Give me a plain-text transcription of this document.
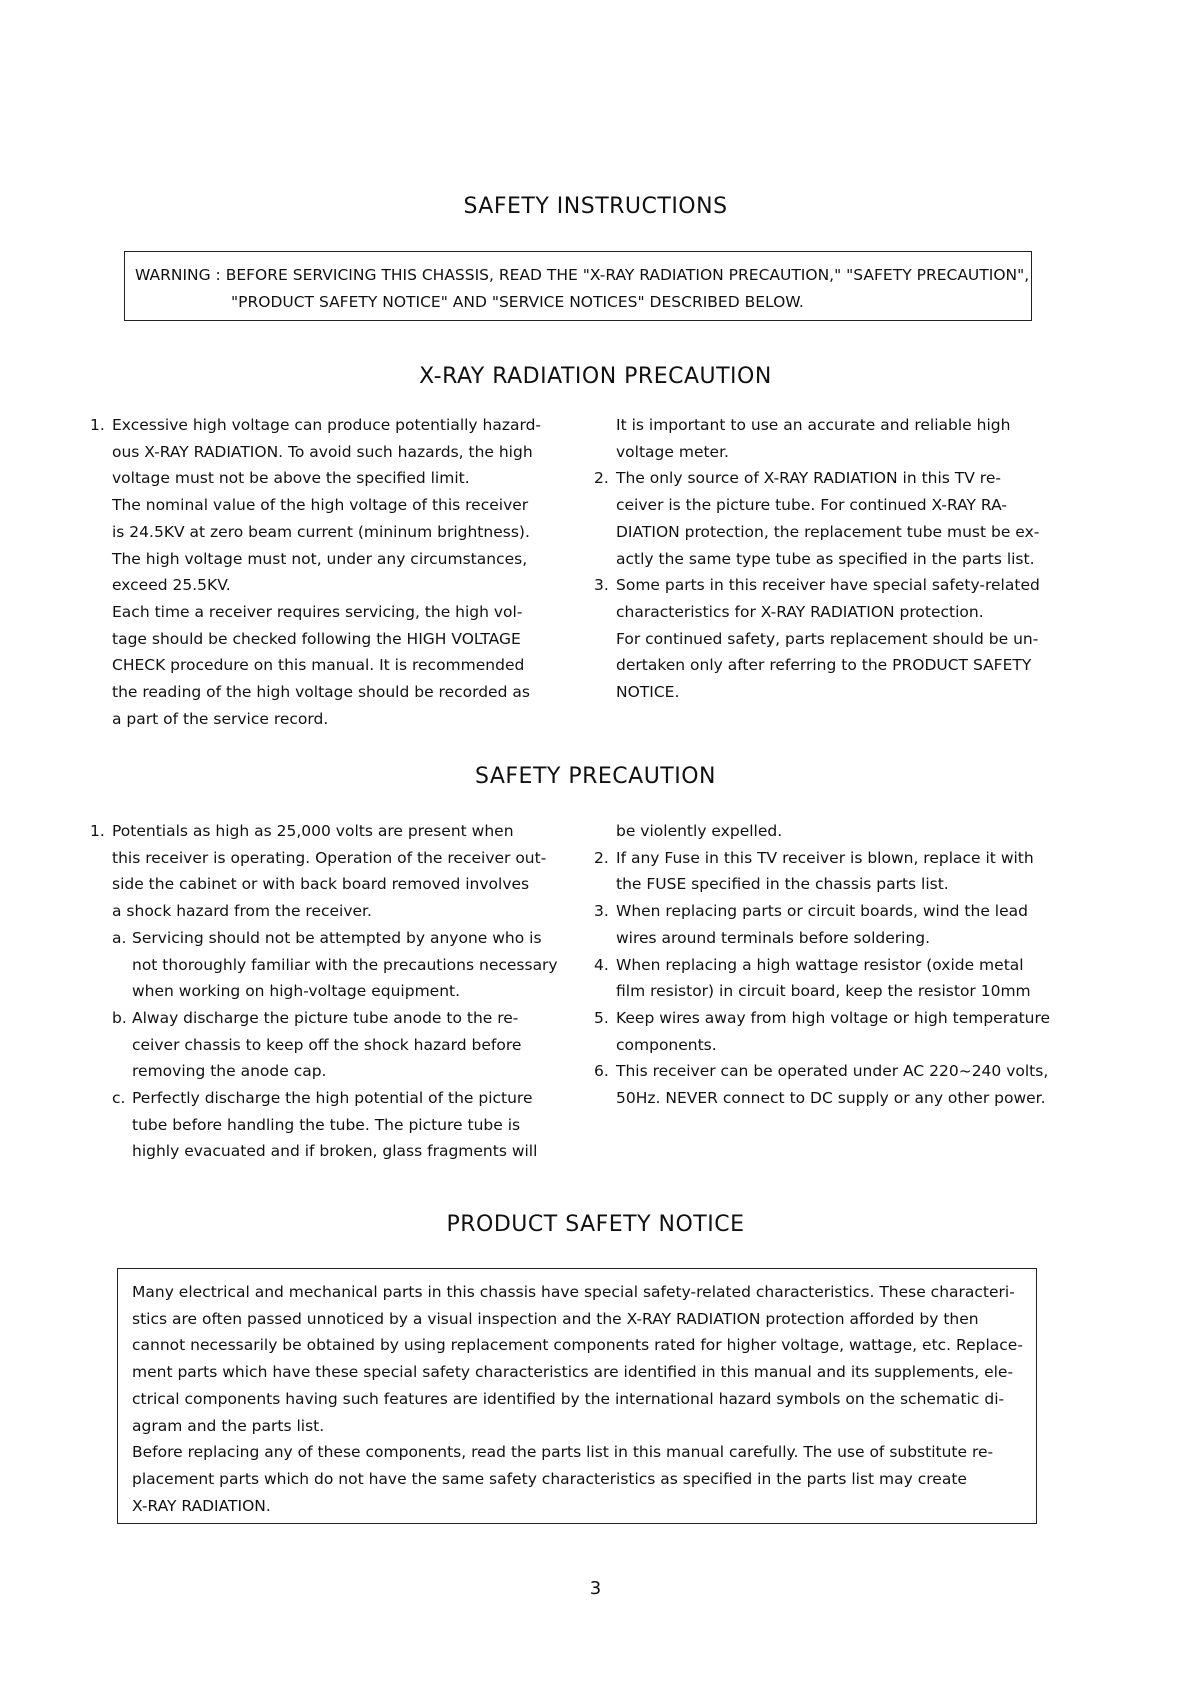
SAFETY INSTRUCTIONS
WARNING : BEFORE SERVICING THIS CHASSIS, READ THE "X-RAY RADIATION PRECAUTION," "SAFETY PRECAUTION",
"PRODUCT SAFETY NOTICE" AND "SERVICE NOTICES" DESCRIBED BELOW.
X-RAY RADIATION PRECAUTION
1. Excessive high voltage can produce potentially hazard-
ous X-RAY RADIATION. To avoid such hazards, the high
voltage must not be above the specified limit.
The nominal value of the high voltage of this receiver
is 24.5KV at zero beam current (mininum brightness).
The high voltage must not, under any circumstances,
exceed 25.5KV.
Each time a receiver requires servicing, the high vol-
tage should be checked following the HIGH VOLTAGE
CHECK procedure on this manual. It is recommended
the reading of the high voltage should be recorded as
a part of the service record.
It is important to use an accurate and reliable high
voltage meter.
2. The only source of X-RAY RADIATION in this TV re-
ceiver is the picture tube. For continued X-RAY RA-
DIATION protection, the replacement tube must be ex-
actly the same type tube as specified in the parts list.
3. Some parts in this receiver have special safety-related
characteristics for X-RAY RADIATION protection.
For continued safety, parts replacement should be un-
dertaken only after referring to the PRODUCT SAFETY
NOTICE.
SAFETY PRECAUTION
1. Potentials as high as 25,000 volts are present when
this receiver is operating. Operation of the receiver out-
side the cabinet or with back board removed involves
a shock hazard from the receiver.
a. Servicing should not be attempted by anyone who is
not thoroughly familiar with the precautions necessary
when working on high-voltage equipment.
b. Alway discharge the picture tube anode to the re-
ceiver chassis to keep off the shock hazard before
removing the anode cap.
c. Perfectly discharge the high potential of the picture
tube before handling the tube. The picture tube is
highly evacuated and if broken, glass fragments will
be violently expelled.
2. If any Fuse in this TV receiver is blown, replace it with
the FUSE specified in the chassis parts list.
3. When replacing parts or circuit boards, wind the lead
wires around terminals before soldering.
4. When replacing a high wattage resistor (oxide metal
film resistor) in circuit board, keep the resistor 10mm
5. Keep wires away from high voltage or high temperature
components.
6. This receiver can be operated under AC 220~240 volts,
50Hz. NEVER connect to DC supply or any other power.
PRODUCT SAFETY NOTICE
Many electrical and mechanical parts in this chassis have special safety-related characteristics. These characteri-
stics are often passed unnoticed by a visual inspection and the X-RAY RADIATION protection afforded by then
cannot necessarily be obtained by using replacement components rated for higher voltage, wattage, etc. Replace-
ment parts which have these special safety characteristics are identified in this manual and its supplements, ele-
ctrical components having such features are identified by the international hazard symbols on the schematic di-
agram and the parts list.
Before replacing any of these components, read the parts list in this manual carefully. The use of substitute re-
placement parts which do not have the same safety characteristics as specified in the parts list may create
X-RAY RADIATION.
3
